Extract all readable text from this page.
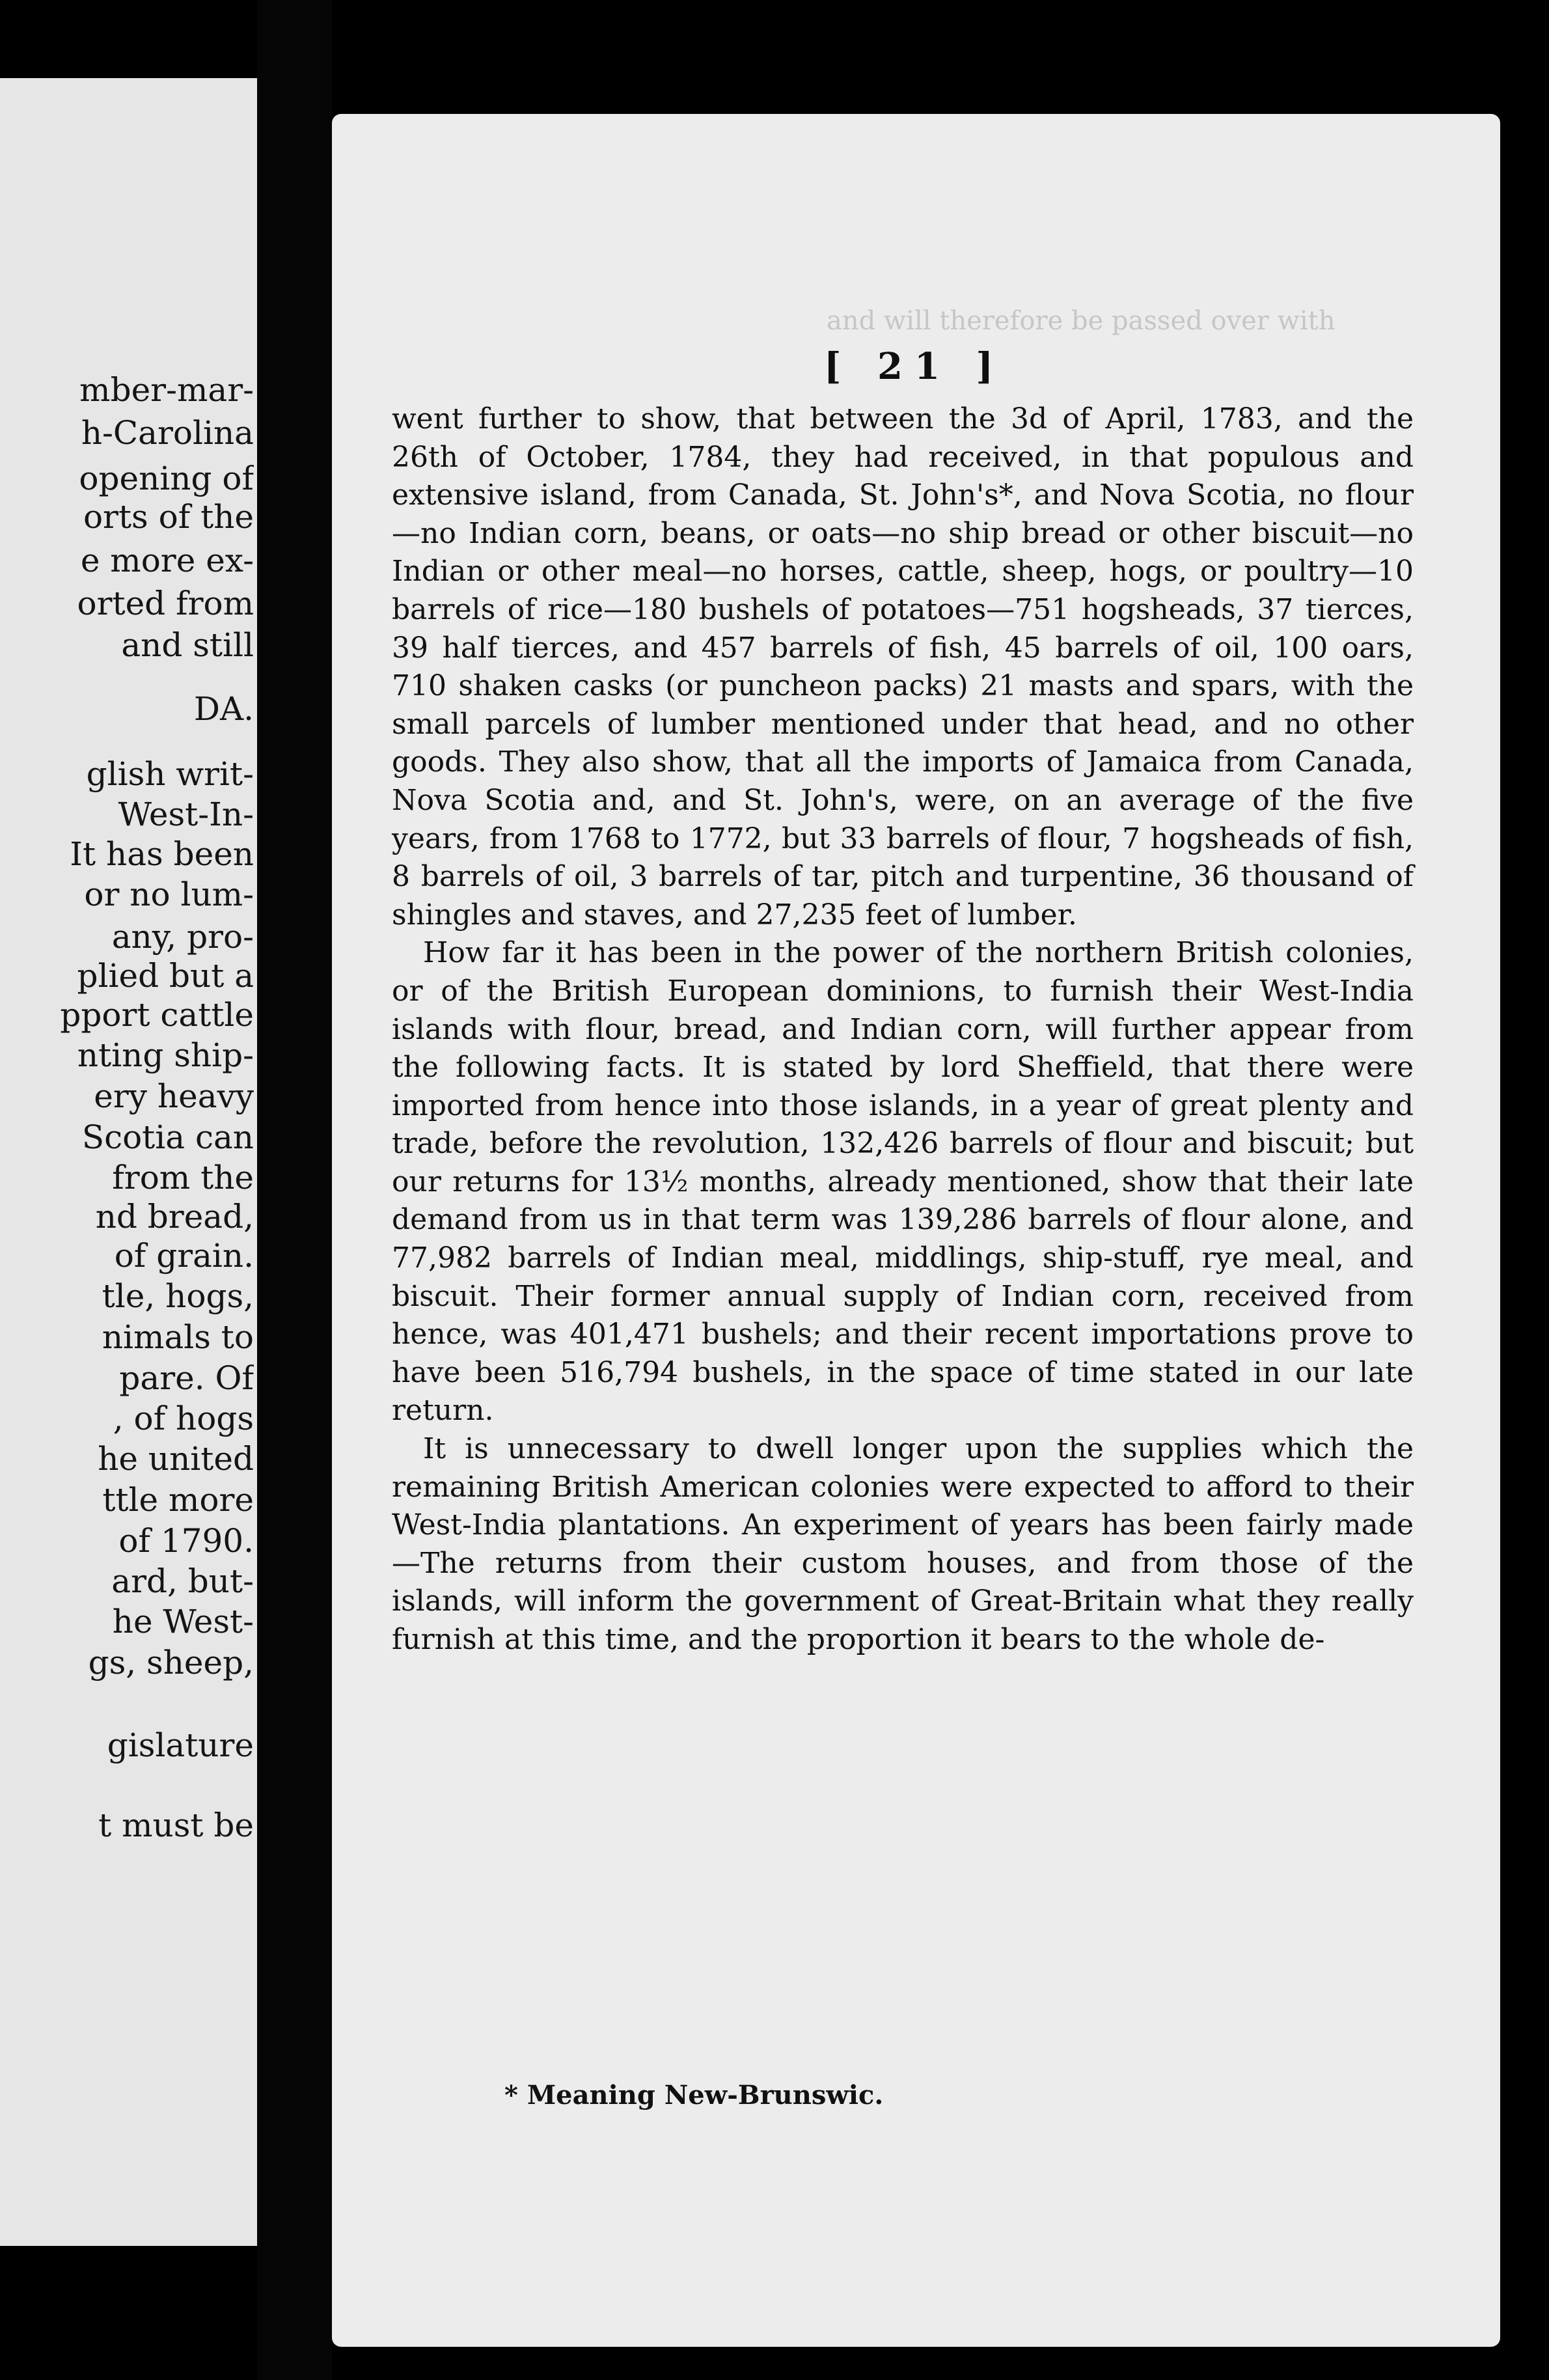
mber-mar-
h-Carolina
opening of
orts of the
e more ex-
orted from
and still
DA.
glish writ-
West-In-
It has been
or no lum-
any, pro-
plied but a
pport cattle
nting ship-
ery heavy
Scotia can
from the
nd bread,
of grain.
tle, hogs,
nimals to
pare. Of
, of hogs
he united
ttle more
of 1790.
ard, but-
he West-
gs, sheep,
gislature
t must be
and will therefore be passed over with
[ 21 ]

went further to show, that between the 3d of April, 1783, and the 26th of October, 1784, they had received, in that populous and extensive island, from Canada, St. John's*, and Nova Scotia, no flour—no Indian corn, beans, or oats—no ship bread or other biscuit—no Indian or other meal—no horses, cattle, sheep, hogs, or poultry—10 barrels of rice—180 bushels of potatoes—751 hogsheads, 37 tierces, 39 half tierces, and 457 barrels of fish, 45 barrels of oil, 100 oars, 710 shaken casks (or puncheon packs) 21 masts and spars, with the small parcels of lumber mentioned under that head, and no other goods. They also show, that all the imports of Jamaica from Canada, Nova Scotia and, and St. John's, were, on an average of the five years, from 1768 to 1772, but 33 barrels of flour, 7 hogsheads of fish, 8 barrels of oil, 3 barrels of tar, pitch and turpentine, 36 thousand of shingles and staves, and 27,235 feet of lumber.

How far it has been in the power of the northern British colonies, or of the British European dominions, to furnish their West-India islands with flour, bread, and Indian corn, will further appear from the following facts. It is stated by lord Sheffield, that there were imported from hence into those islands, in a year of great plenty and trade, before the revolution, 132,426 barrels of flour and biscuit; but our returns for 13½ months, already mentioned, show that their late demand from us in that term was 139,286 barrels of flour alone, and 77,982 barrels of Indian meal, middlings, ship-stuff, rye meal, and biscuit. Their former annual supply of Indian corn, received from hence, was 401,471 bushels; and their recent importations prove to have been 516,794 bushels, in the space of time stated in our late return.

It is unnecessary to dwell longer upon the supplies which the remaining British American colonies were expected to afford to their West-India plantations. An experiment of years has been fairly made—The returns from their custom houses, and from those of the islands, will inform the government of Great-Britain what they really furnish at this time, and the proportion it bears to the whole de-

* Meaning New-Brunswic.
